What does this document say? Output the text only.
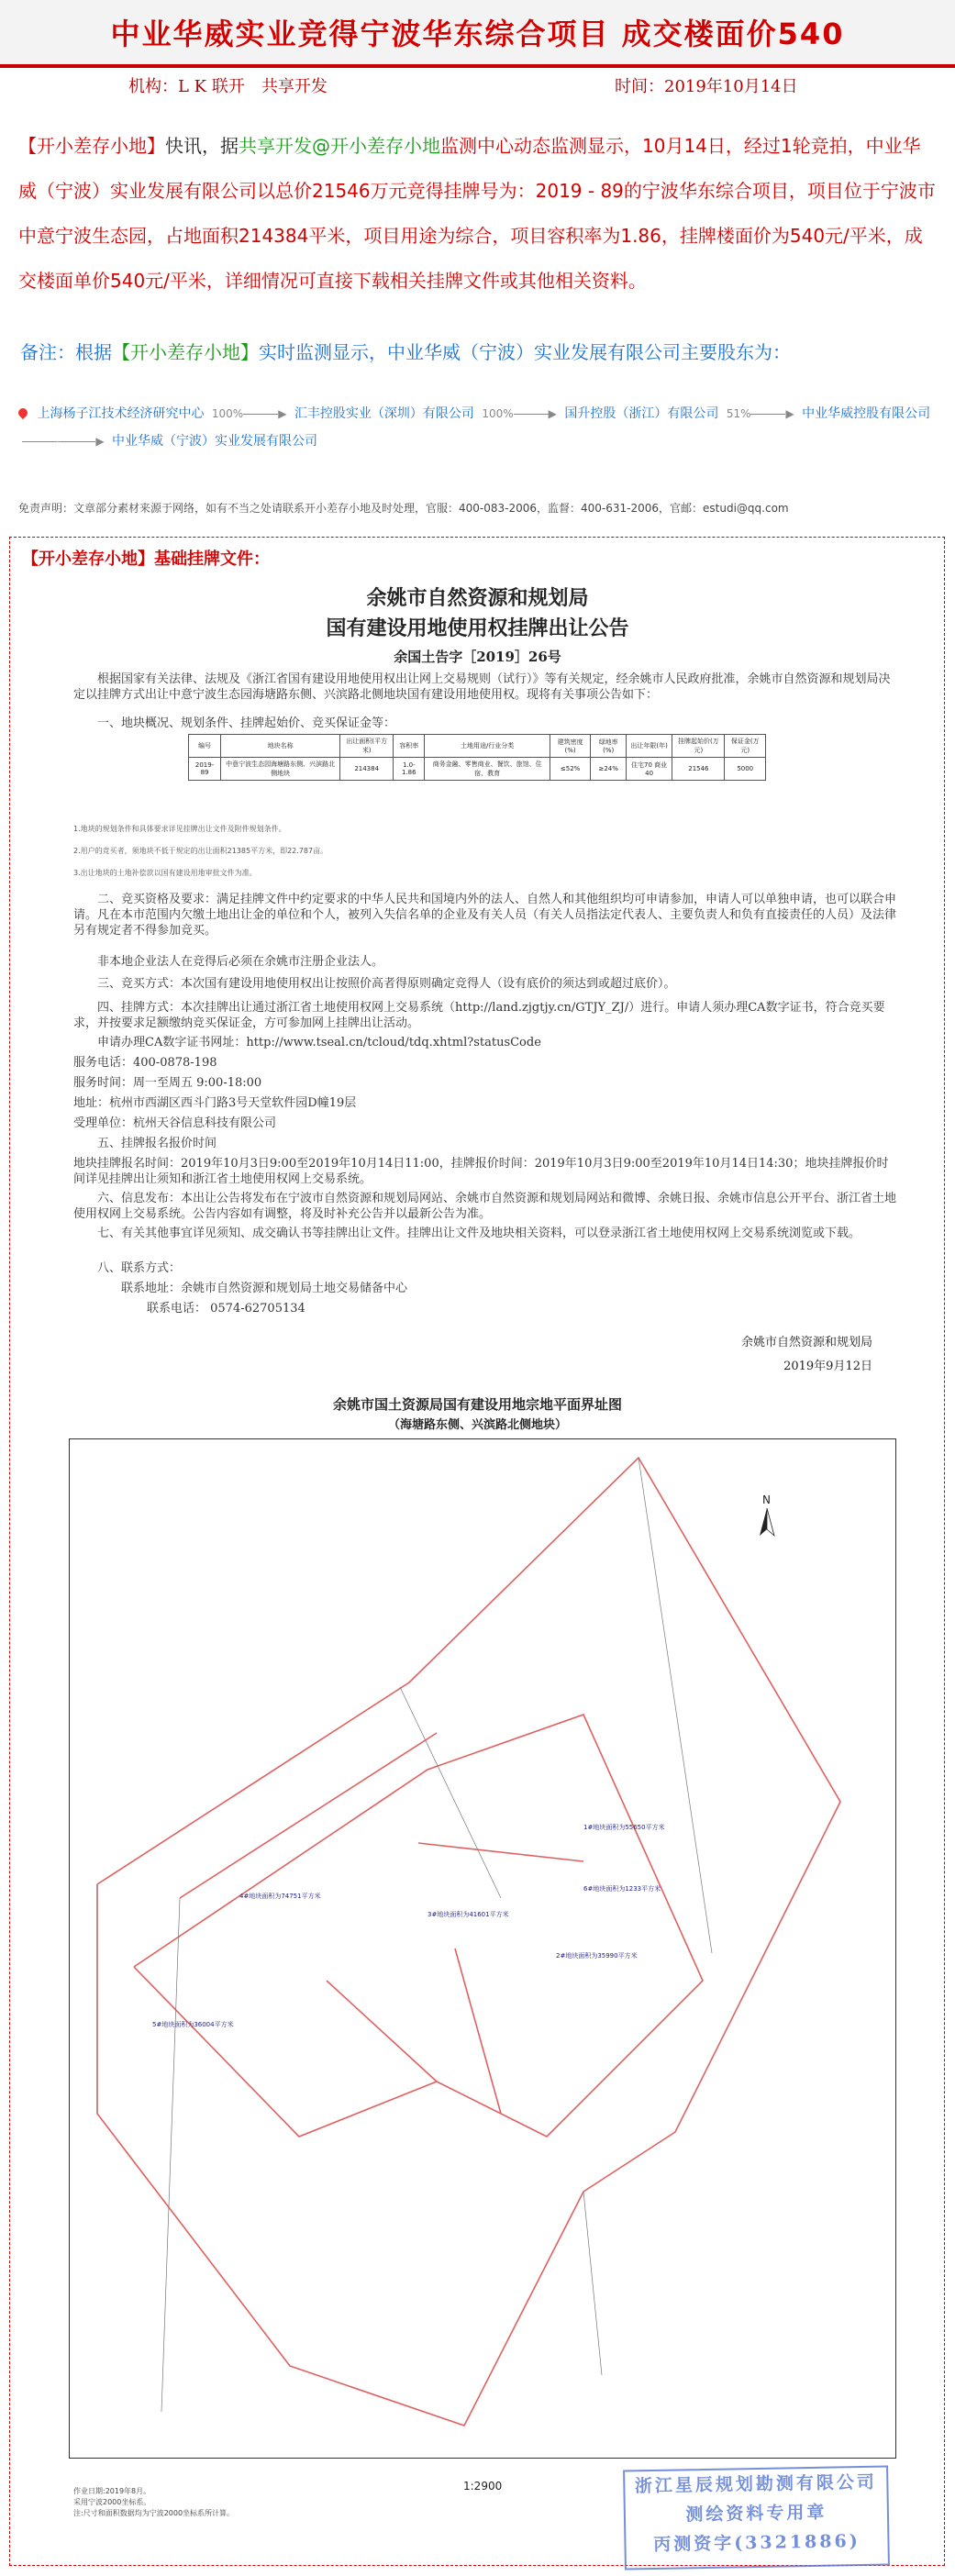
中业华威实业竞得宁波华东综合项目 成交楼面价540
机构：L K 联开　共享开发	时间：2019年10月14日
【开小差存小地】快讯，据共享开发@开小差存小地监测中心动态监测显示，10月14日，经过1轮竞拍，中业华威（宁波）实业发展有限公司以总价21546万元竞得挂牌号为：2019 - 89的宁波华东综合项目，项目位于宁波市中意宁波生态园，占地面积214384平米，项目用途为综合，项目容积率为1.86，挂牌楼面价为540元/平米，成交楼面单价540元/平米，详细情况可直接下载相关挂牌文件或其他相关资料。
备注：根据【开小差存小地】实时监测显示，中业华威（宁波）实业发展有限公司主要股东为：
上海杨子江技术经济研究中心 100%	▶ 汇丰控股实业（深圳）有限公司 100%	▶ 国升控股（浙江）有限公司 51%	▶ 中业华威控股有限公司
-	▶ 中业华威（宁波）实业发展有限公司
免责声明：文章部分素材来源于网络，如有不当之处请联系开小差存小地及时处理，官服：400-083-2006，监督：400-631-2006，官邮：estudi@qq.com
【开小差存小地】基础挂牌文件：
余姚市自然资源和规划局
国有建设用地使用权挂牌出让公告
余国土告字［2019］26号
根据国家有关法律、法规及《浙江省国有建设用地使用权出让网上交易规则（试行）》等有关规定，经余姚市人民政府批准，余姚市自然资源和规划局决定以挂牌方式出让中意宁波生态园海塘路东侧、兴滨路北侧地块国有建设用地使用权。现将有关事项公告如下：
一、地块概况、规划条件、挂牌起始价、竞买保证金等：
编号	地块名称	出让面积(平方米)	容积率	土地用途/行业分类	建筑密度(%)	绿地率(%)	出让年限(年)	挂牌起始价(万元)	保证金(万元)
2019-89	中意宁波生态园海塘路东侧、兴滨路北侧地块	214384	1.0-1.86	商务金融、零售商业、餐饮、旅馆、住宿、教育	≤52%	≥24%	住宅70 商业40	21546	5000
1.地块的规划条件和具体要求详见挂牌出让文件及附件规划条件。
2.用户的竞买者，须地块不低于规定的出让面积21385平方米，即22.787亩。
3.出让地块的土地补偿款以国有建设用地审批文件为准。
二、竞买资格及要求：满足挂牌文件中约定要求的中华人民共和国境内外的法人、自然人和其他组织均可申请参加，申请人可以单独申请，也可以联合申请。凡在本市范围内欠缴土地出让金的单位和个人，被列入失信名单的企业及有关人员（有关人员指法定代表人、主要负责人和负有直接责任的人员）及法律另有规定者不得参加竞买。
非本地企业法人在竞得后必须在余姚市注册企业法人。
三、竞买方式：本次国有建设用地使用权出让按照价高者得原则确定竞得人（设有底价的须达到或超过底价）。
四、挂牌方式：本次挂牌出让通过浙江省土地使用权网上交易系统（http://land.zjgtjy.cn/GTJY_ZJ/）进行。申请人须办理CA数字证书，符合竞买要求，并按要求足额缴纳竞买保证金，方可参加网上挂牌出让活动。
申请办理CA数字证书网址：http://www.tseal.cn/tcloud/tdq.xhtml?statusCode
服务电话：400-0878-198
服务时间：周一至周五 9:00-18:00
地址：杭州市西湖区西斗门路3号天堂软件园D幢19层
受理单位：杭州天谷信息科技有限公司
五、挂牌报名报价时间
地块挂牌报名时间：2019年10月3日9:00至2019年10月14日11:00，挂牌报价时间：2019年10月3日9:00至2019年10月14日14:30；地块挂牌报价时间详见挂牌出让须知和浙江省土地使用权网上交易系统。
六、信息发布：本出让公告将发布在宁波市自然资源和规划局网站、余姚市自然资源和规划局网站和微博、余姚日报、余姚市信息公开平台、浙江省土地使用权网上交易系统。公告内容如有调整，将及时补充公告并以最新公告为准。
七、有关其他事宜详见须知、成交确认书等挂牌出让文件。挂牌出让文件及地块相关资料，可以登录浙江省土地使用权网上交易系统浏览或下载。
八、联系方式：
联系地址：余姚市自然资源和规划局土地交易储备中心
联系电话： 0574-62705134
余姚市自然资源和规划局
2019年9月12日
余姚市国土资源局国有建设用地宗地平面界址图
（海塘路东侧、兴滨路北侧地块）
4#地块面积为74751平方米
5#地块面积为36004平方米
3#地块面积为41601平方米
2#地块面积为35990平方米
1#地块面积为55650平方米
6#地块面积为1233平方米
N
1:2900
作业日期:2019年8月。
采用宁波2000坐标系。
注:尺寸和面积数据均为宁波2000坐标系所计算。
浙江星辰规划勘测有限公司
测绘资料专用章
丙测资字(3321886)
